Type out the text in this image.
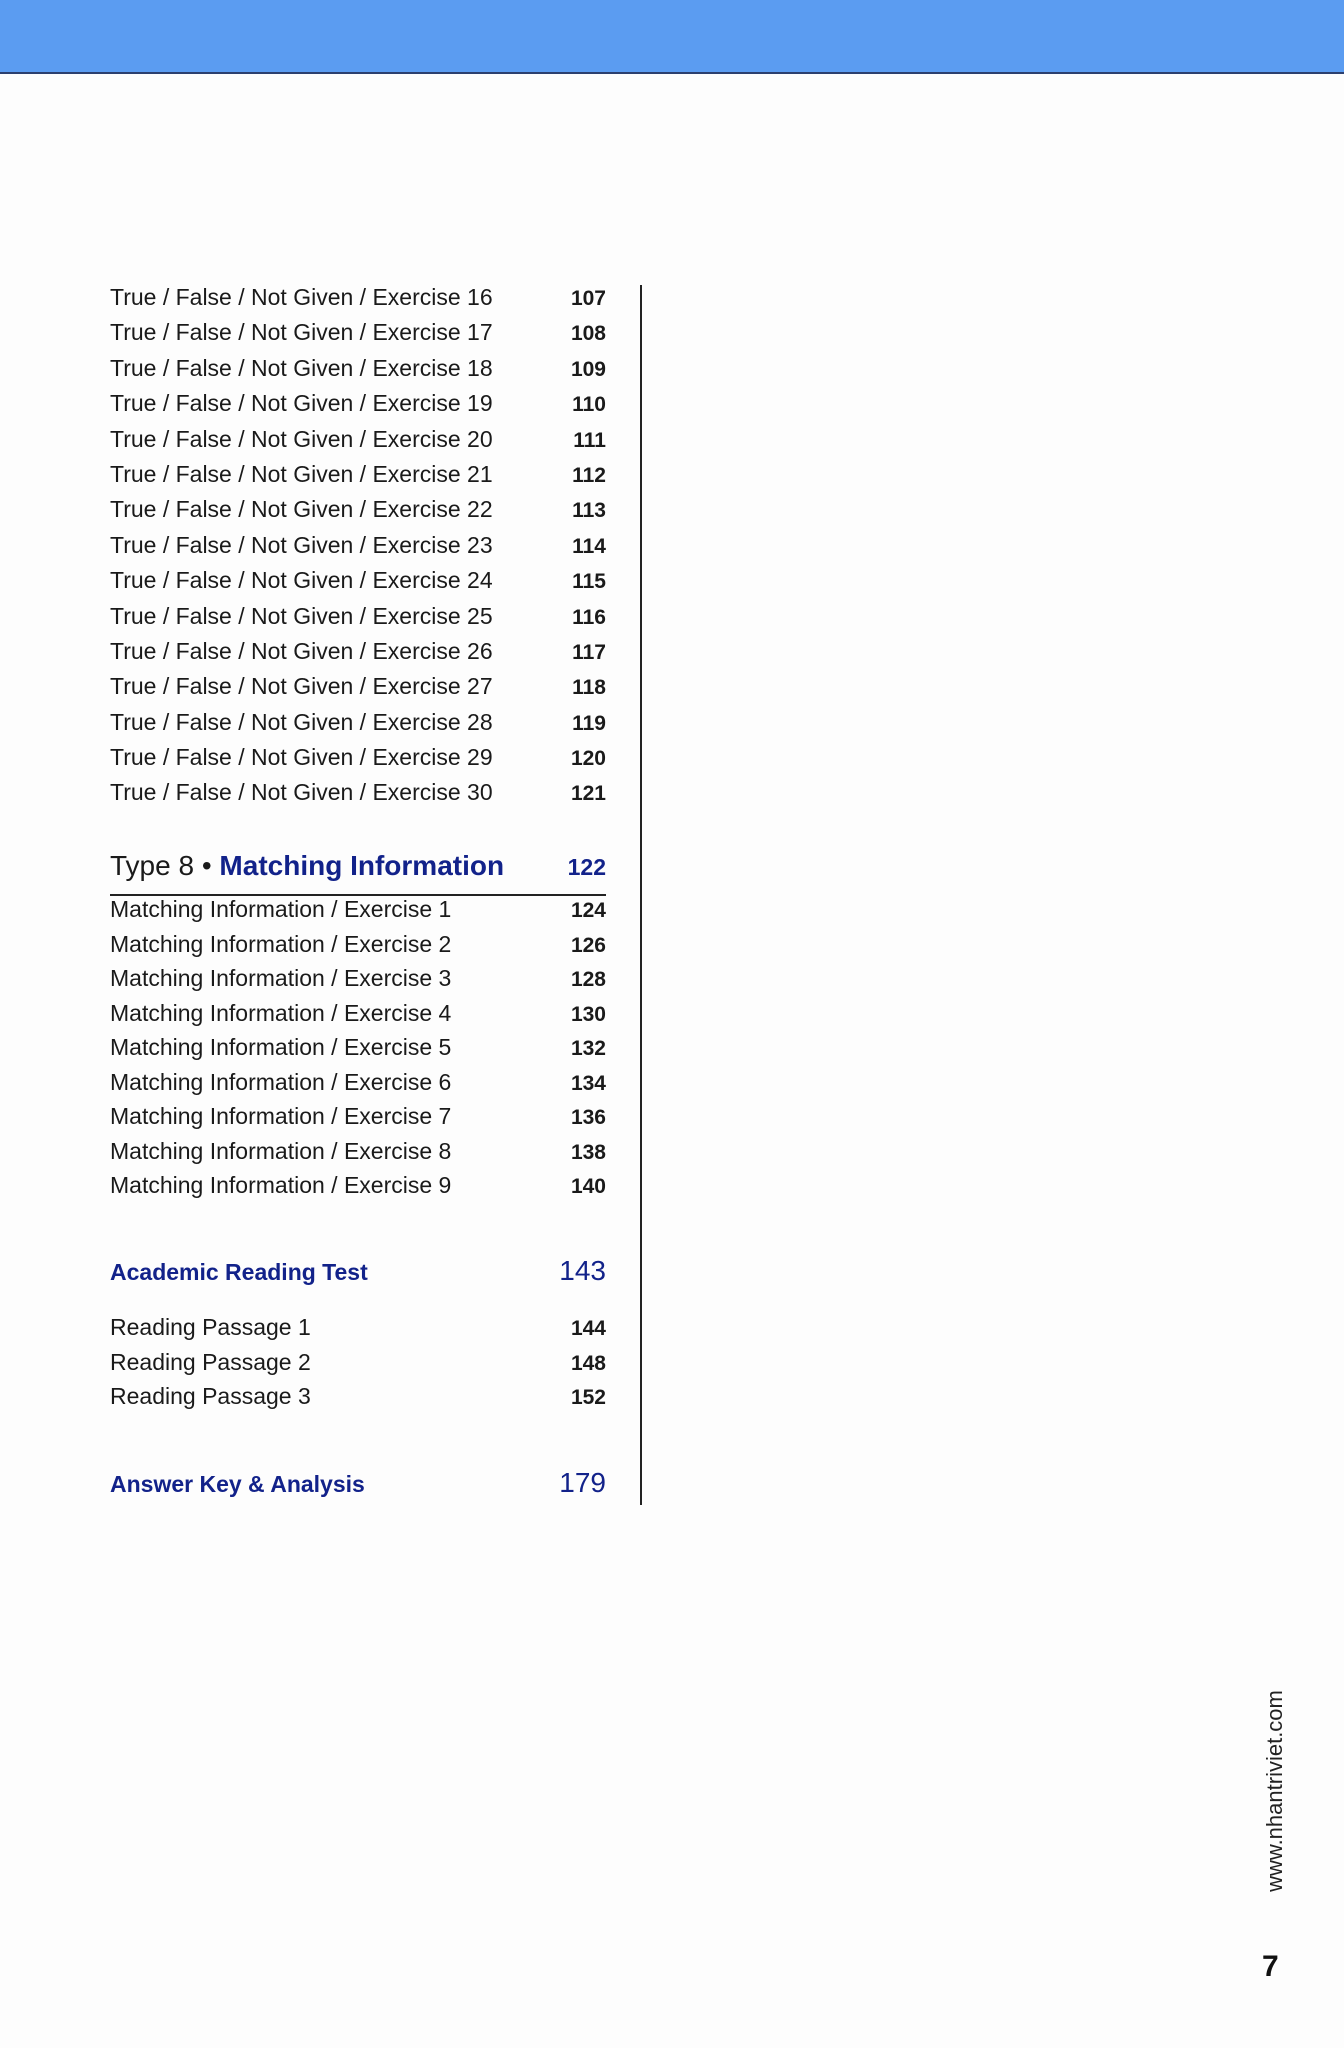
True / False / Not Given / Exercise 16	107
True / False / Not Given / Exercise 17	108
True / False / Not Given / Exercise 18	109
True / False / Not Given / Exercise 19	110
True / False / Not Given / Exercise 20	111
True / False / Not Given / Exercise 21	112
True / False / Not Given / Exercise 22	113
True / False / Not Given / Exercise 23	114
True / False / Not Given / Exercise 24	115
True / False / Not Given / Exercise 25	116
True / False / Not Given / Exercise 26	117
True / False / Not Given / Exercise 27	118
True / False / Not Given / Exercise 28	119
True / False / Not Given / Exercise 29	120
True / False / Not Given / Exercise 30	121
Type 8 • Matching Information	122
Matching Information / Exercise 1	124
Matching Information / Exercise 2	126
Matching Information / Exercise 3	128
Matching Information / Exercise 4	130
Matching Information / Exercise 5	132
Matching Information / Exercise 6	134
Matching Information / Exercise 7	136
Matching Information / Exercise 8	138
Matching Information / Exercise 9	140
Academic Reading Test	143
Reading Passage 1	144
Reading Passage 2	148
Reading Passage 3	152
Answer Key & Analysis	179
www.nhantriviet.com
7
